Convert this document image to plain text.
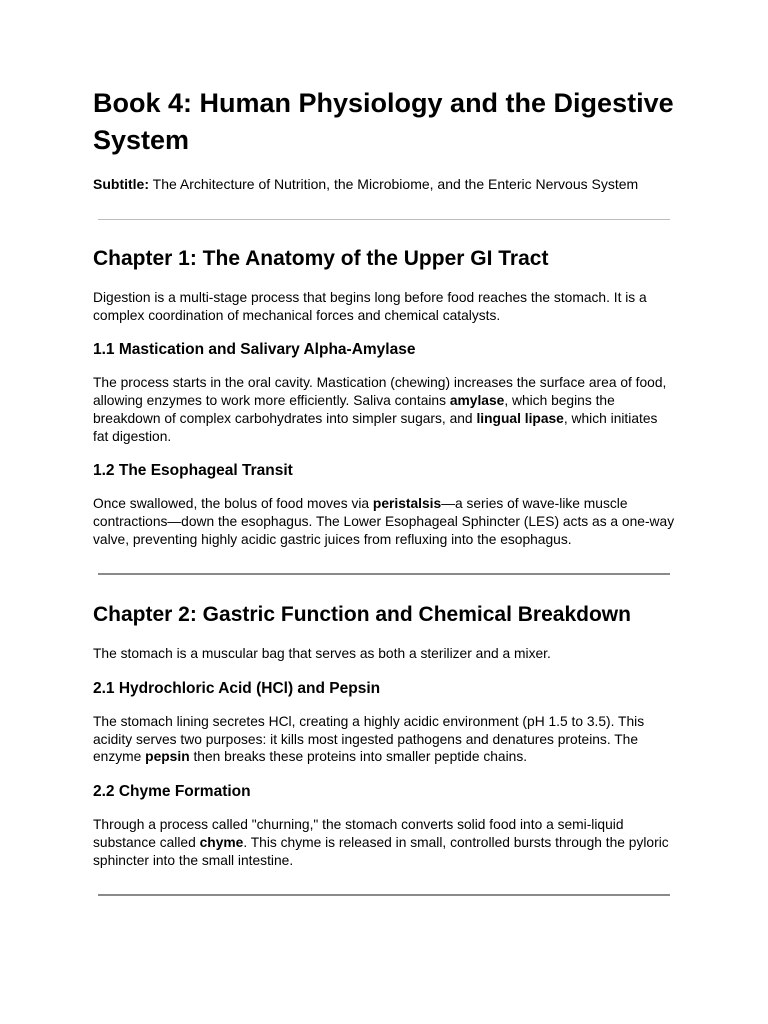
Book 4: Human Physiology and the Digestive System

Subtitle: The Architecture of Nutrition, the Microbiome, and the Enteric Nervous System

Chapter 1: The Anatomy of the Upper GI Tract

Digestion is a multi-stage process that begins long before food reaches the stomach. It is a complex coordination of mechanical forces and chemical catalysts.

1.1 Mastication and Salivary Alpha-Amylase

The process starts in the oral cavity. Mastication (chewing) increases the surface area of food, allowing enzymes to work more efficiently. Saliva contains amylase, which begins the breakdown of complex carbohydrates into simpler sugars, and lingual lipase, which initiates fat digestion.

1.2 The Esophageal Transit

Once swallowed, the bolus of food moves via peristalsis—a series of wave-like muscle contractions—down the esophagus. The Lower Esophageal Sphincter (LES) acts as a one-way valve, preventing highly acidic gastric juices from refluxing into the esophagus.

Chapter 2: Gastric Function and Chemical Breakdown

The stomach is a muscular bag that serves as both a sterilizer and a mixer.

2.1 Hydrochloric Acid (HCl) and Pepsin

The stomach lining secretes HCl, creating a highly acidic environment (pH 1.5 to 3.5). This acidity serves two purposes: it kills most ingested pathogens and denatures proteins. The enzyme pepsin then breaks these proteins into smaller peptide chains.

2.2 Chyme Formation

Through a process called "churning," the stomach converts solid food into a semi-liquid substance called chyme. This chyme is released in small, controlled bursts through the pyloric sphincter into the small intestine.
